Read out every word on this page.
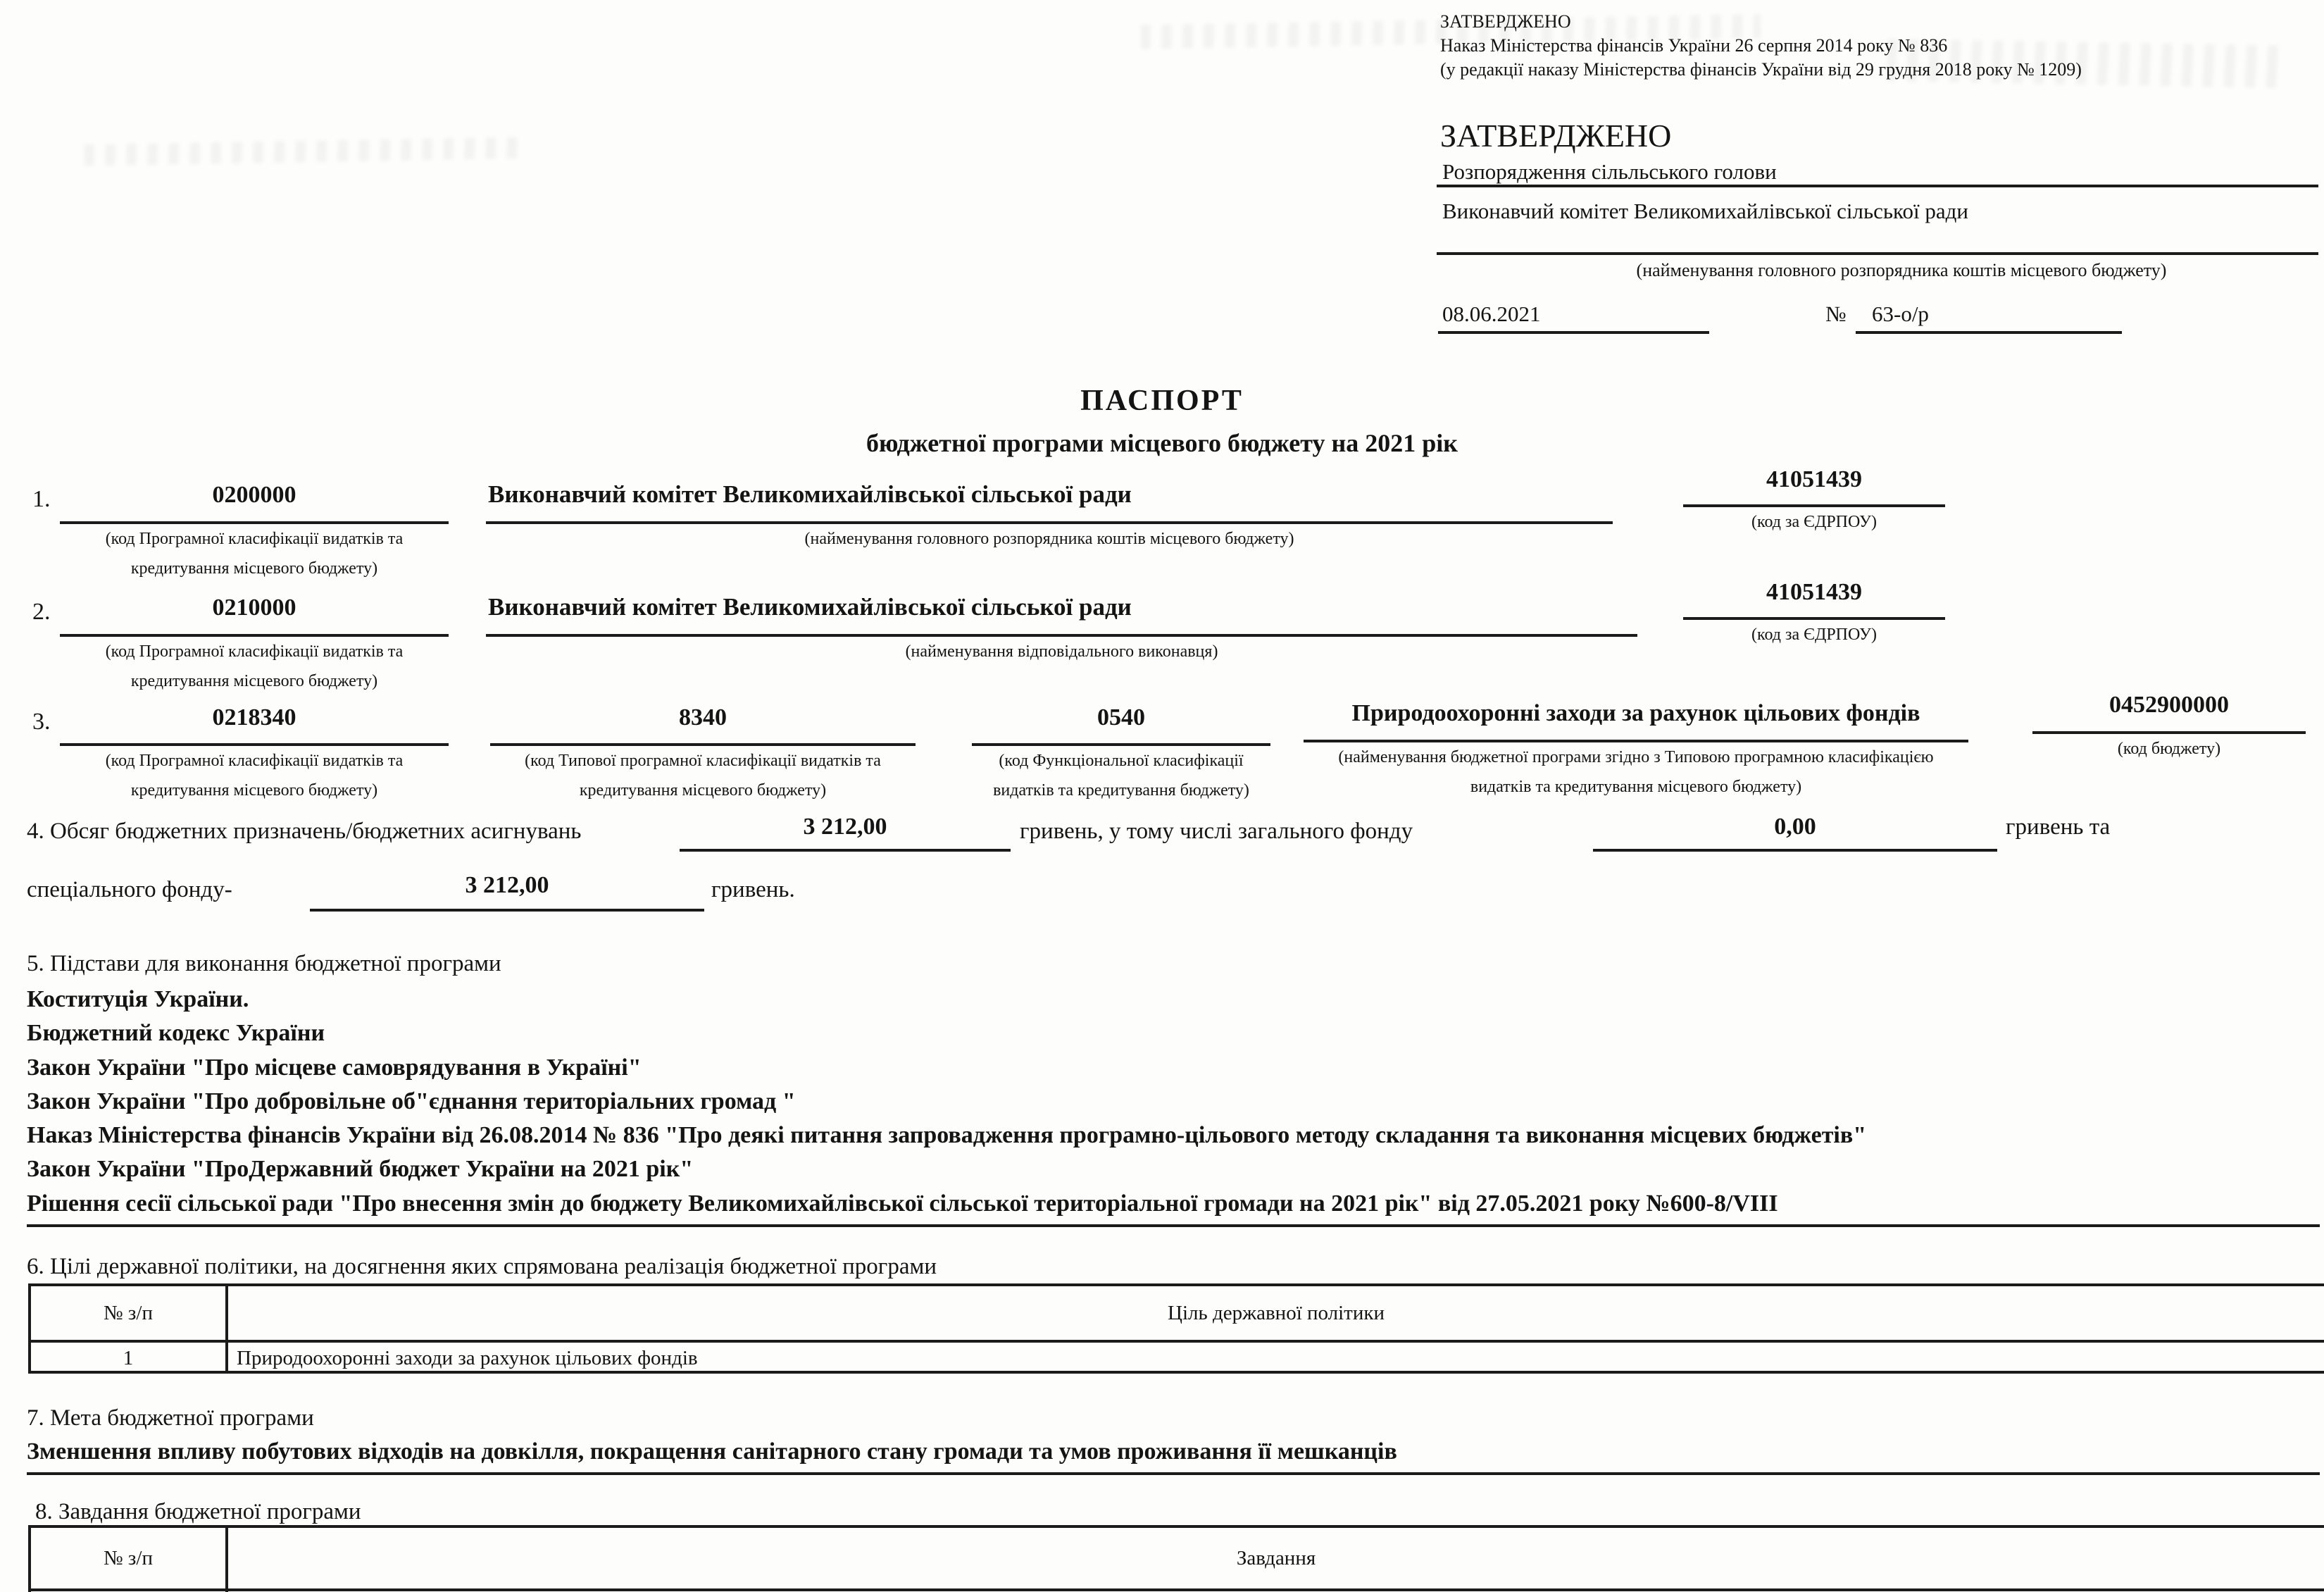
ЗАТВЕРДЖЕНО
Наказ Міністерства фінансів України 26 серпня 2014 року № 836
(у редакції наказу Міністерства фінансів України від 29 грудня 2018 року № 1209)
ЗАТВЕРДЖЕНО
Розпорядження сільльського голови
Виконавчий комітет Великомихайлівської сільської ради
(найменування головного розпорядника коштів місцевого бюджету)
08.06.2021	№ 63-о/р
ПАСПОРТ
бюджетної програми місцевого бюджету на 2021 рік
1.	0200000
(код Програмної класифікації видатків та
кредитування місцевого бюджету)
Виконавчий комітет Великомихайлівської сільської ради
(найменування головного розпорядника коштів місцевого бюджету)
41051439
(код за ЄДРПОУ)
2.	0210000
(код Програмної класифікації видатків та
кредитування місцевого бюджету)
Виконавчий комітет Великомихайлівської сільської ради
(найменування відповідального виконавця)
41051439
(код за ЄДРПОУ)
3.	0218340
(код Програмної класифікації видатків та
кредитування місцевого бюджету)
8340
(код Типової програмної класифікації видатків та
кредитування місцевого бюджету)
0540
(код Функціональної класифікації
видатків та кредитування бюджету)
Природоохоронні заходи за рахунок цільових фондів
(найменування бюджетної програми згідно з Типовою програмною класифікацією
видатків та кредитування місцевого бюджету)
0452900000
(код бюджету)
4. Обсяг бюджетних призначень/бюджетних асигнувань	3 212,00	гривень, у тому числі загального фонду	0,00	гривень та
спеціального фонду-	3 212,00	гривень.
5. Підстави для виконання бюджетної програми
Коституція України.
Бюджетний кодекс України
Закон України "Про місцеве самоврядування в Україні"
Закон України "Про добровільне об"єднання територіальних громад "
Наказ Міністерства фінансів України від 26.08.2014 № 836 "Про деякі питання запровадження програмно-цільового методу складання та виконання місцевих бюджетів"
Закон України "ПроДержавний бюджет України на 2021 рік"
Рішення сесії сільської ради "Про внесення змін до бюджету Великомихайлівської сільської територіальної громади на 2021 рік" від 27.05.2021 року №600-8/VIII
6. Цілі державної політики, на досягнення яких спрямована реалізація бюджетної програми
№ з/п	Ціль державної політики
1	Природоохоронні заходи за рахунок цільових фондів
7. Мета бюджетної програми
Зменшення впливу побутових відходів на довкілля, покращення санітарного стану громади та умов проживання її мешканців
8. Завдання бюджетної програми
№ з/п	Завдання
